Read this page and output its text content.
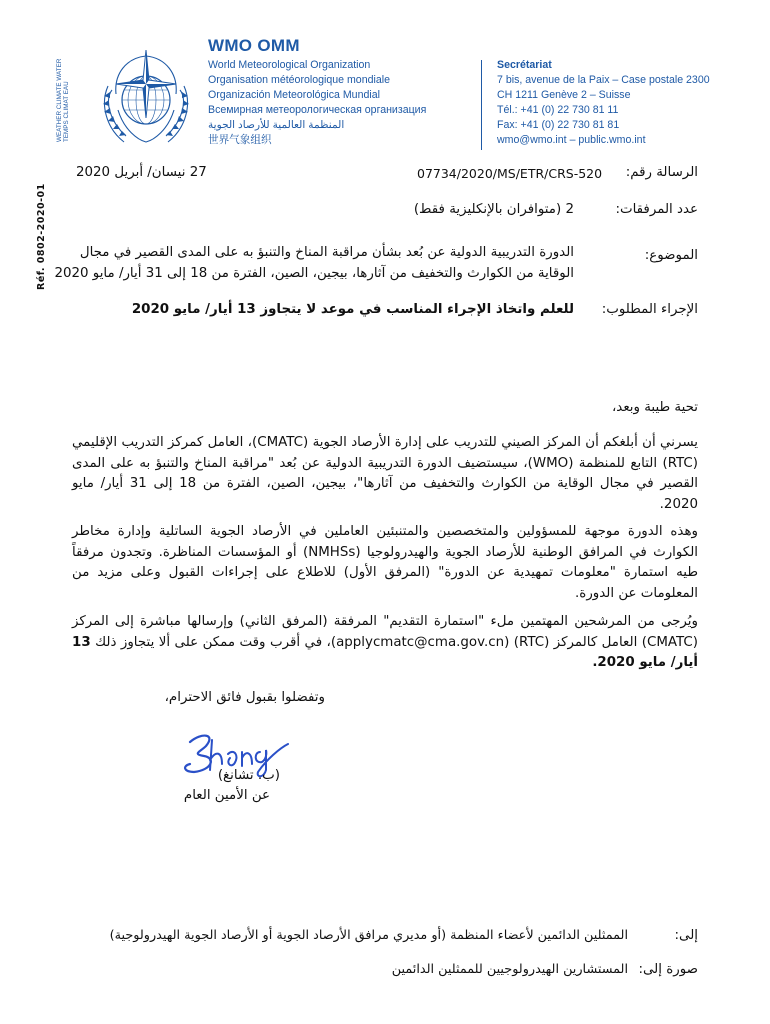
Réf. 0802-2020-01
WEATHER CLIMATE WATER TEMPS CLIMAT EAU
WMO OMM
World Meteorological Organization
Organisation météorologique mondiale
Organización Meteorológica Mundial
Всемирная метеорологическая организация
المنظمة العالمية للأرصاد الجوية
世界气象组织
Secrétariat
7 bis, avenue de la Paix – Case postale 2300
CH 1211 Genève 2 – Suisse
Tél.: +41 (0) 22 730 81 11
Fax: +41 (0) 22 730 81 81
wmo@wmo.int – public.wmo.int
الرسالة رقم:
07734/2020/MS/ETR/CRS-520
27 نيسان/ أبريل 2020
عدد المرفقات:
2 (متوافران بالإنكليزية فقط)
الموضوع:
الدورة التدريبية الدولية عن بُعد بشأن مراقبة المناخ والتنبؤ به على المدى القصير في مجال
الوقاية من الكوارث والتخفيف من آثارها، بيجين، الصين، الفترة من 18 إلى 31 أيار/ مايو 2020
الإجراء المطلوب:
للعلم واتخاذ الإجراء المناسب في موعد لا يتجاوز 13 أيار/ مايو 2020
تحية طيبة وبعد،
يسرني أن أبلغكم أن المركز الصيني للتدريب على إدارة الأرصاد الجوية (CMATC)، العامل كمركز التدريب الإقليمي (RTC) التابع للمنظمة (WMO)، سيستضيف الدورة التدريبية الدولية عن بُعد "مراقبة المناخ والتنبؤ به على المدى القصير في مجال الوقاية من الكوارث والتخفيف من آثارها"، بيجين، الصين، الفترة من 18 إلى 31 أيار/ مايو 2020.
وهذه الدورة موجهة للمسؤولين والمتخصصين والمتنبئين العاملين في الأرصاد الجوية الساتلية وإدارة مخاطر الكوارث في المرافق الوطنية للأرصاد الجوية والهيدرولوجيا (NMHSs) أو المؤسسات المناظرة. وتجدون مرفقاً طيه استمارة "معلومات تمهيدية عن الدورة" (المرفق الأول) للاطلاع على إجراءات القبول وعلى مزيد من المعلومات عن الدورة.
ويُرجى من المرشحين المهتمين ملء "استمارة التقديم" المرفقة (المرفق الثاني) وإرسالها مباشرة إلى المركز (CMATC) العامل كالمركز (RTC) (applycmatc@cma.gov.cn)، في أقرب وقت ممكن على ألا يتجاوز ذلك 13 أيار/ مايو 2020.
وتفضلوا بقبول فائق الاحترام،
(ب. تشانغ)
عن الأمين العام
إلى:
الممثلين الدائمين لأعضاء المنظمة (أو مديري مرافق الأرصاد الجوية أو الأرصاد الجوية الهيدرولوجية)
صورة إلى:
المستشارين الهيدرولوجيين للممثلين الدائمين
